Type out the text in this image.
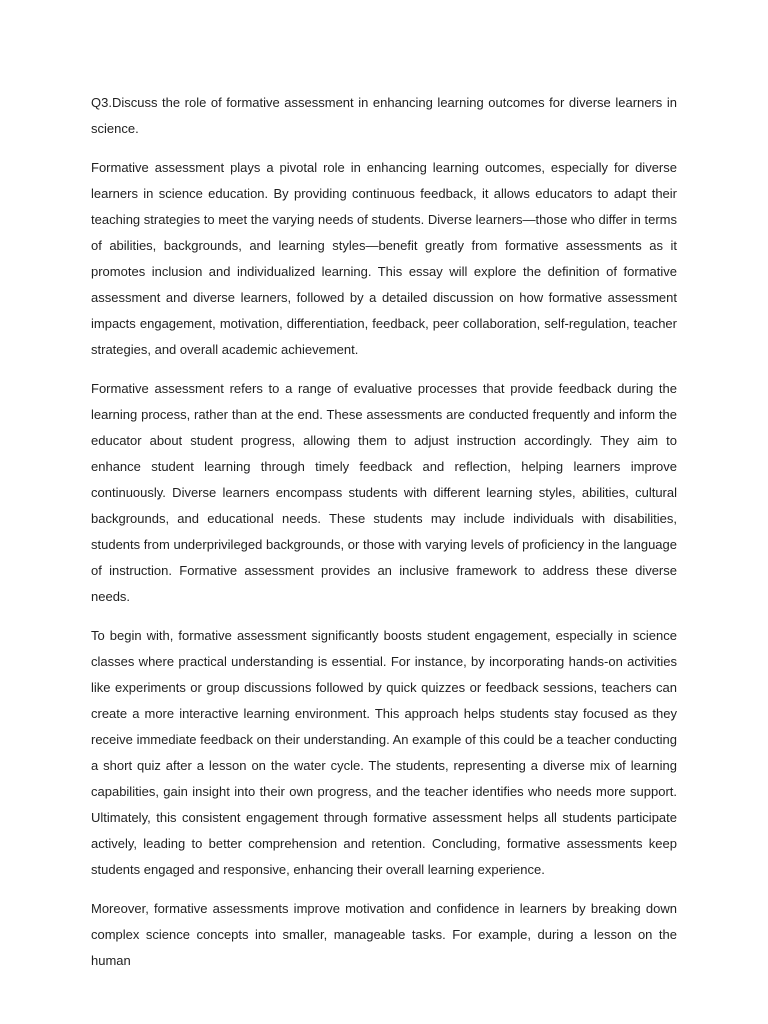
Q3.Discuss the role of formative assessment in enhancing learning outcomes for diverse learners in science.

Formative assessment plays a pivotal role in enhancing learning outcomes, especially for diverse learners in science education. By providing continuous feedback, it allows educators to adapt their teaching strategies to meet the varying needs of students. Diverse learners—those who differ in terms of abilities, backgrounds, and learning styles—benefit greatly from formative assessments as it promotes inclusion and individualized learning. This essay will explore the definition of formative assessment and diverse learners, followed by a detailed discussion on how formative assessment impacts engagement, motivation, differentiation, feedback, peer collaboration, self-regulation, teacher strategies, and overall academic achievement.

Formative assessment refers to a range of evaluative processes that provide feedback during the learning process, rather than at the end. These assessments are conducted frequently and inform the educator about student progress, allowing them to adjust instruction accordingly. They aim to enhance student learning through timely feedback and reflection, helping learners improve continuously. Diverse learners encompass students with different learning styles, abilities, cultural backgrounds, and educational needs. These students may include individuals with disabilities, students from underprivileged backgrounds, or those with varying levels of proficiency in the language of instruction. Formative assessment provides an inclusive framework to address these diverse needs.

To begin with, formative assessment significantly boosts student engagement, especially in science classes where practical understanding is essential. For instance, by incorporating hands-on activities like experiments or group discussions followed by quick quizzes or feedback sessions, teachers can create a more interactive learning environment. This approach helps students stay focused as they receive immediate feedback on their understanding. An example of this could be a teacher conducting a short quiz after a lesson on the water cycle. The students, representing a diverse mix of learning capabilities, gain insight into their own progress, and the teacher identifies who needs more support. Ultimately, this consistent engagement through formative assessment helps all students participate actively, leading to better comprehension and retention. Concluding, formative assessments keep students engaged and responsive, enhancing their overall learning experience.

Moreover, formative assessments improve motivation and confidence in learners by breaking down complex science concepts into smaller, manageable tasks. For example, during a lesson on the human
